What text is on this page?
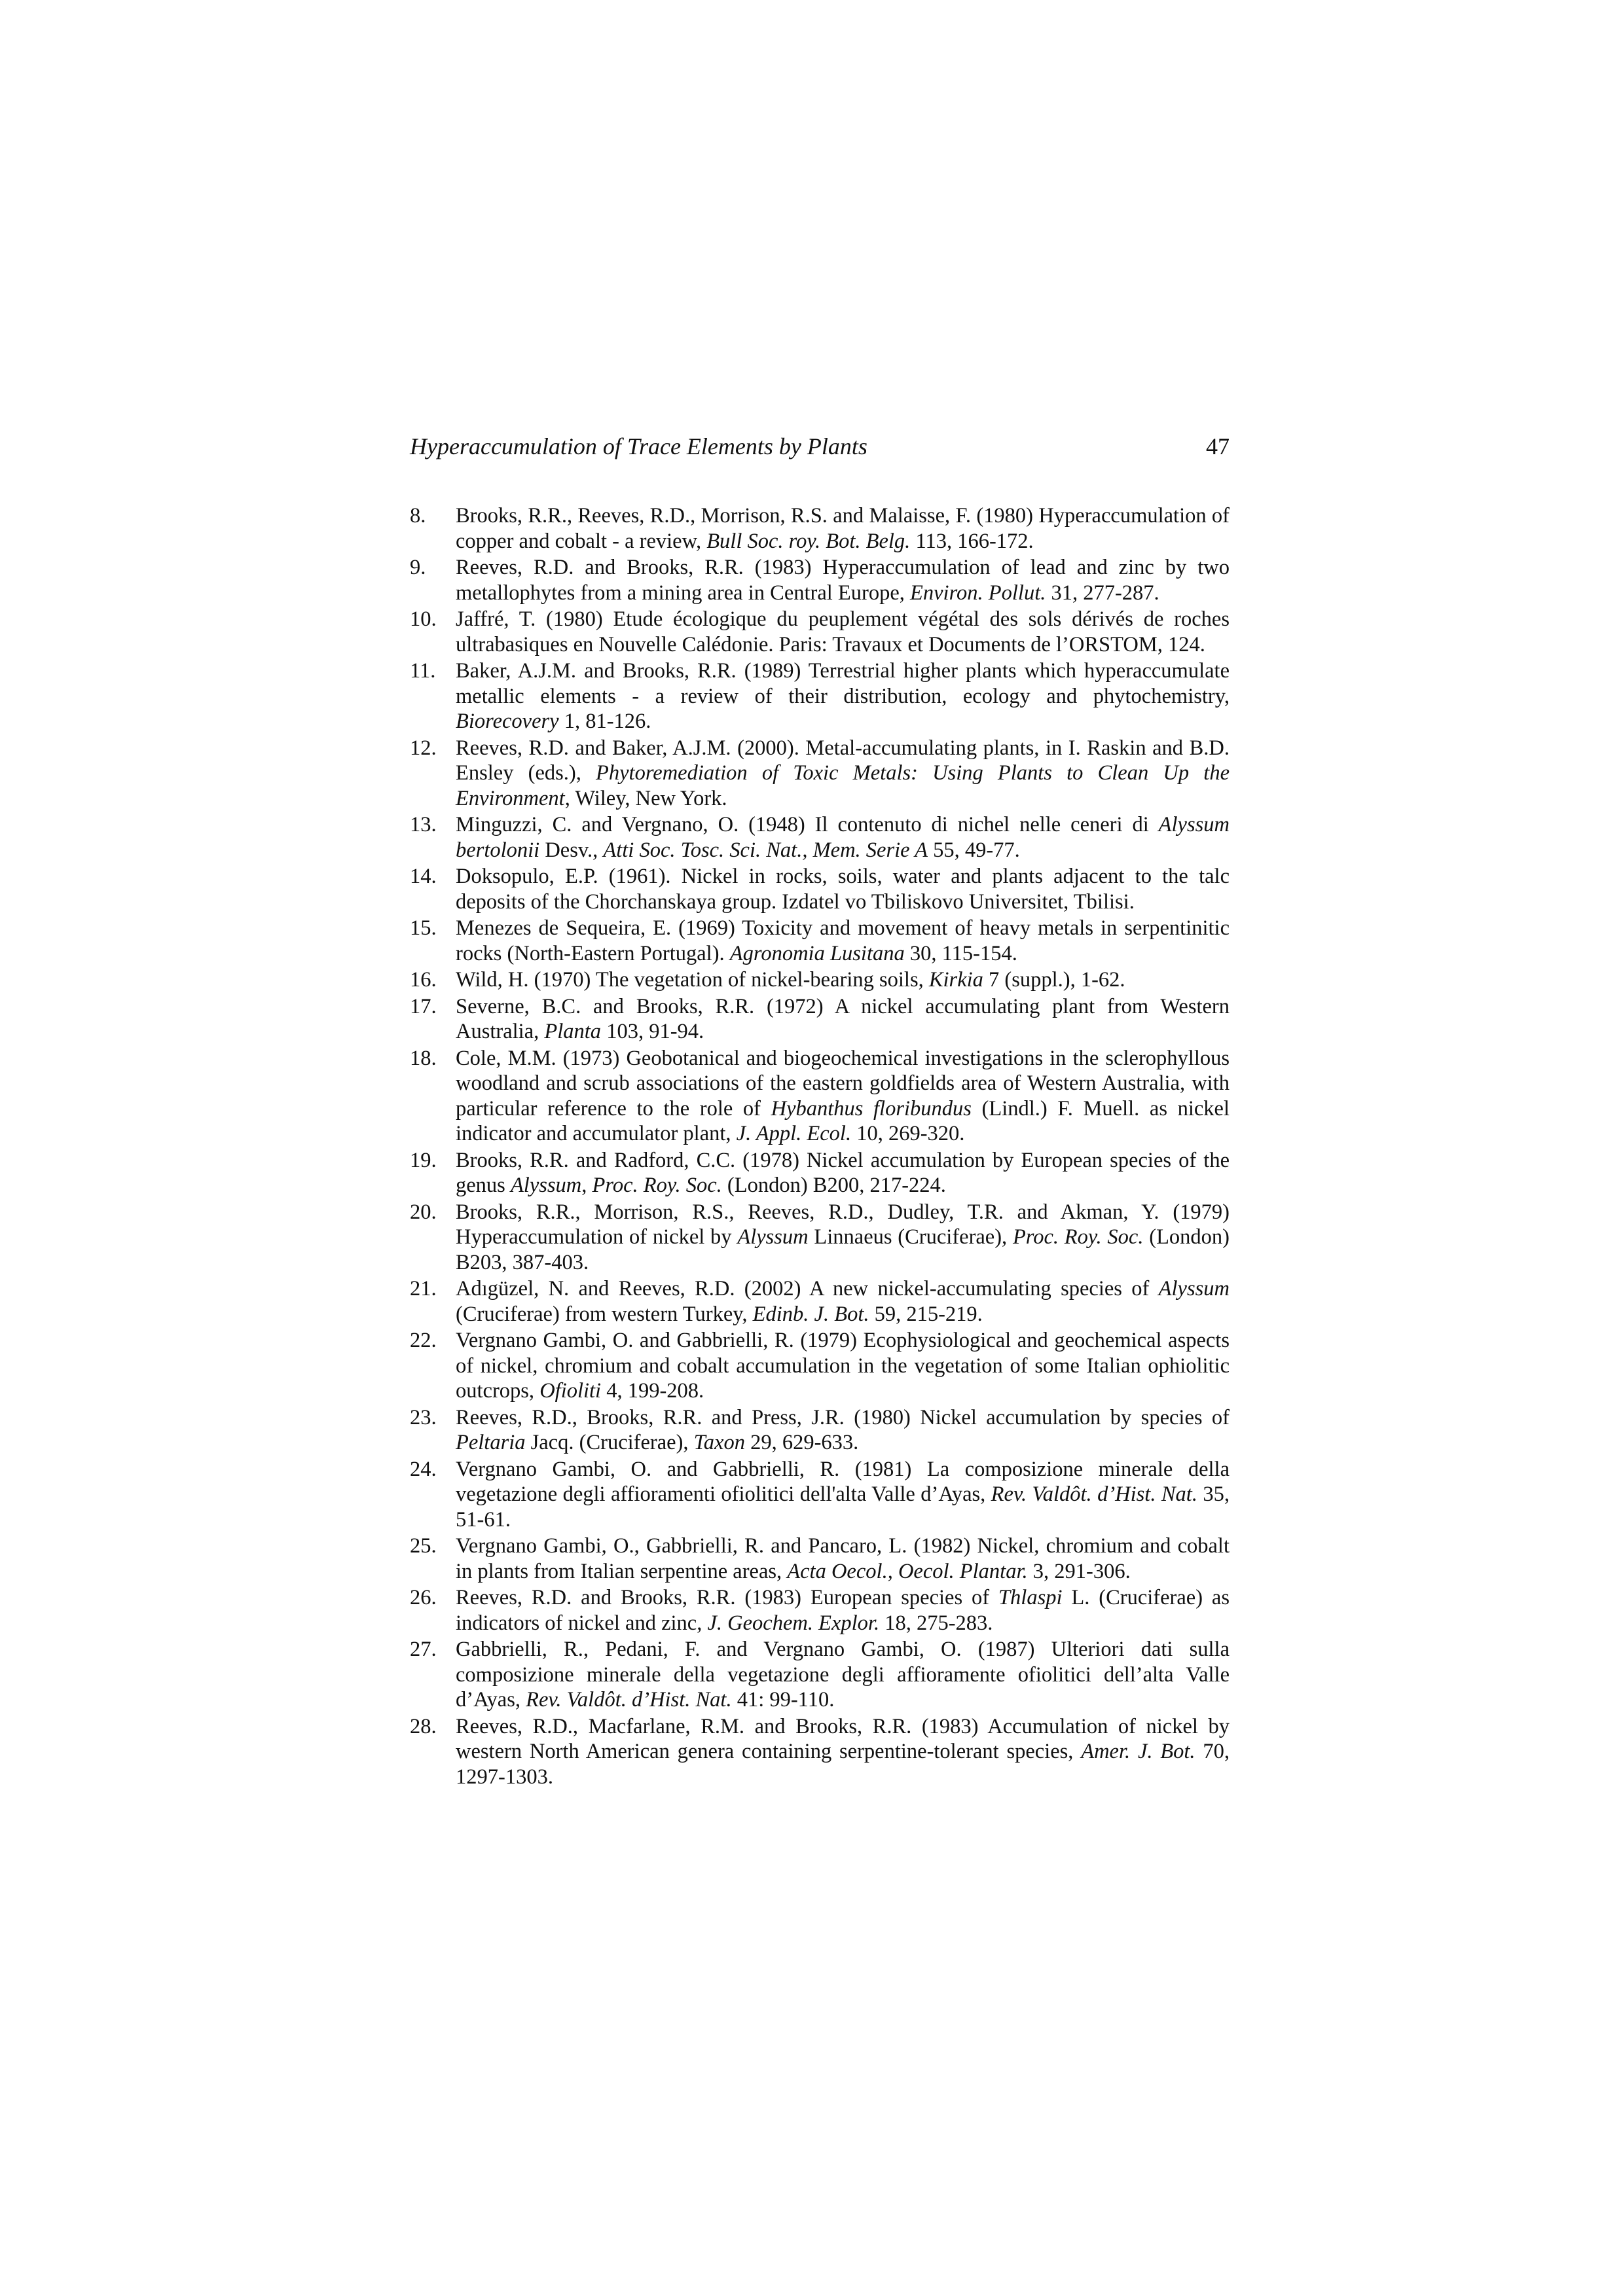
Hyperaccumulation of Trace Elements by Plants	47
8. Brooks, R.R., Reeves, R.D., Morrison, R.S. and Malaisse, F. (1980) Hyperaccumulation of copper and cobalt - a review, Bull Soc. roy. Bot. Belg. 113, 166-172.
9. Reeves, R.D. and Brooks, R.R. (1983) Hyperaccumulation of lead and zinc by two metallophytes from a mining area in Central Europe, Environ. Pollut. 31, 277-287.
10. Jaffré, T. (1980) Etude écologique du peuplement végétal des sols dérivés de roches ultrabasiques en Nouvelle Calédonie. Paris: Travaux et Documents de l’ORSTOM, 124.
11. Baker, A.J.M. and Brooks, R.R. (1989) Terrestrial higher plants which hyperaccumulate metallic elements - a review of their distribution, ecology and phytochemistry, Biorecovery 1, 81-126.
12. Reeves, R.D. and Baker, A.J.M. (2000). Metal-accumulating plants, in I. Raskin and B.D. Ensley (eds.), Phytoremediation of Toxic Metals: Using Plants to Clean Up the Environment, Wiley, New York.
13. Minguzzi, C. and Vergnano, O. (1948) Il contenuto di nichel nelle ceneri di Alyssum bertolonii Desv., Atti Soc. Tosc. Sci. Nat., Mem. Serie A 55, 49-77.
14. Doksopulo, E.P. (1961). Nickel in rocks, soils, water and plants adjacent to the talc deposits of the Chorchanskaya group. Izdatel vo Tbiliskovo Universitet, Tbilisi.
15. Menezes de Sequeira, E. (1969) Toxicity and movement of heavy metals in serpentinitic rocks (North-Eastern Portugal). Agronomia Lusitana 30, 115-154.
16. Wild, H. (1970) The vegetation of nickel-bearing soils, Kirkia 7 (suppl.), 1-62.
17. Severne, B.C. and Brooks, R.R. (1972) A nickel accumulating plant from Western Australia, Planta 103, 91-94.
18. Cole, M.M. (1973) Geobotanical and biogeochemical investigations in the sclerophyllous woodland and scrub associations of the eastern goldfields area of Western Australia, with particular reference to the role of Hybanthus floribundus (Lindl.) F. Muell. as nickel indicator and accumulator plant, J. Appl. Ecol. 10, 269-320.
19. Brooks, R.R. and Radford, C.C. (1978) Nickel accumulation by European species of the genus Alyssum, Proc. Roy. Soc. (London) B200, 217-224.
20. Brooks, R.R., Morrison, R.S., Reeves, R.D., Dudley, T.R. and Akman, Y. (1979) Hyperaccumulation of nickel by Alyssum Linnaeus (Cruciferae), Proc. Roy. Soc. (London) B203, 387-403.
21. Adıgüzel, N. and Reeves, R.D. (2002) A new nickel-accumulating species of Alyssum (Cruciferae) from western Turkey, Edinb. J. Bot. 59, 215-219.
22. Vergnano Gambi, O. and Gabbrielli, R. (1979) Ecophysiological and geochemical aspects of nickel, chromium and cobalt accumulation in the vegetation of some Italian ophiolitic outcrops, Ofioliti 4, 199-208.
23. Reeves, R.D., Brooks, R.R. and Press, J.R. (1980) Nickel accumulation by species of Peltaria Jacq. (Cruciferae), Taxon 29, 629-633.
24. Vergnano Gambi, O. and Gabbrielli, R. (1981) La composizione minerale della vegetazione degli affioramenti ofiolitici dell'alta Valle d’Ayas, Rev. Valdôt. d’Hist. Nat. 35, 51-61.
25. Vergnano Gambi, O., Gabbrielli, R. and Pancaro, L. (1982) Nickel, chromium and cobalt in plants from Italian serpentine areas, Acta Oecol., Oecol. Plantar. 3, 291-306.
26. Reeves, R.D. and Brooks, R.R. (1983) European species of Thlaspi L. (Cruciferae) as indicators of nickel and zinc, J. Geochem. Explor. 18, 275-283.
27. Gabbrielli, R., Pedani, F. and Vergnano Gambi, O. (1987) Ulteriori dati sulla composizione minerale della vegetazione degli affioramente ofiolitici dell’alta Valle d’Ayas, Rev. Valdôt. d’Hist. Nat. 41: 99-110.
28. Reeves, R.D., Macfarlane, R.M. and Brooks, R.R. (1983) Accumulation of nickel by western North American genera containing serpentine-tolerant species, Amer. J. Bot. 70, 1297-1303.
